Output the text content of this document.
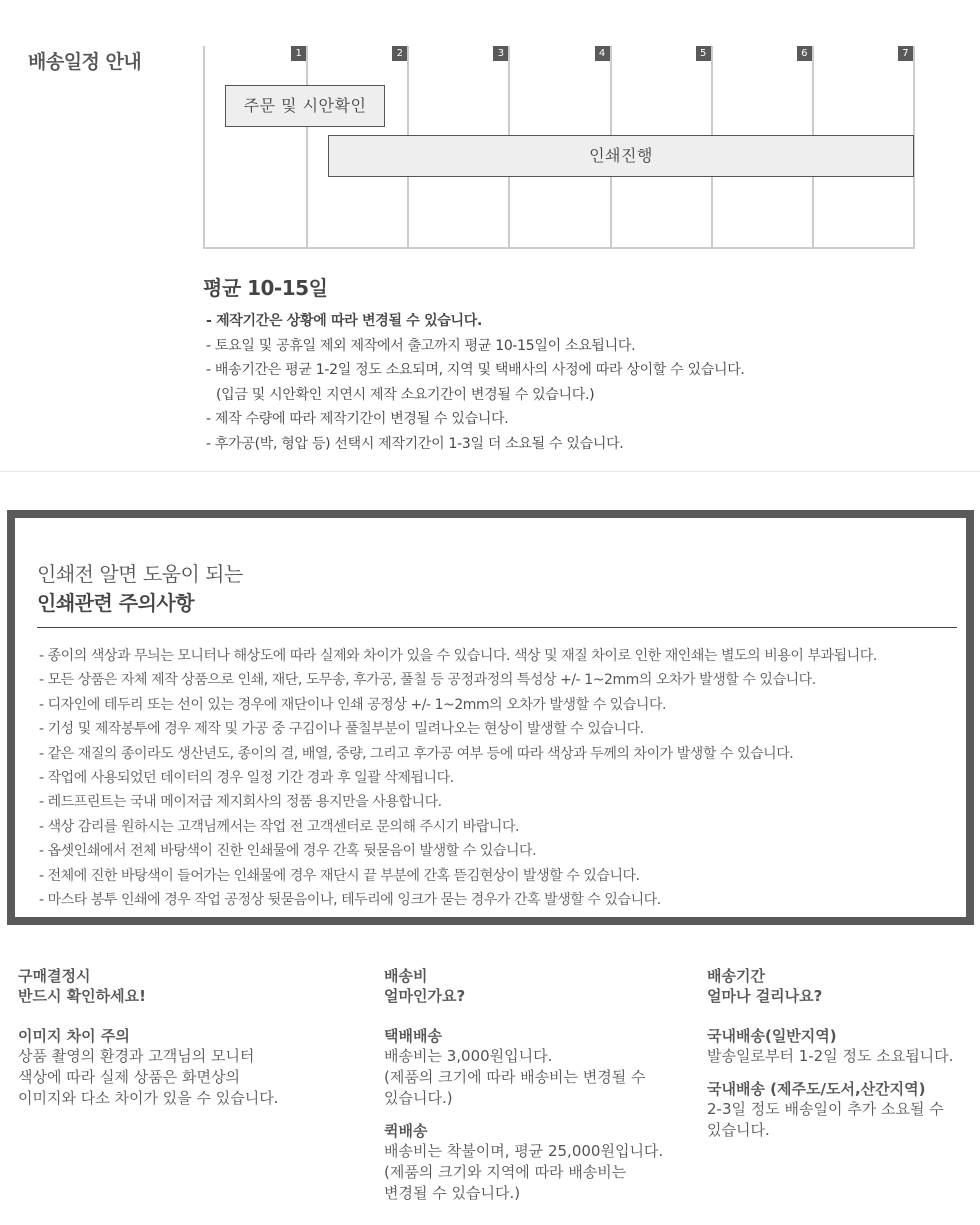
배송일정 안내	1	2	3	4	5	6	7
주문 및 시안확인
인쇄진행
평균 10-15일
- 제작기간은 상황에 따라 변경될 수 있습니다.
- 토요일 및 공휴일 제외 제작에서 출고까지 평균 10-15일이 소요됩니다.
- 배송기간은 평균 1-2일 정도 소요되며, 지역 및 택배사의 사정에 따라 상이할 수 있습니다.
(입금 및 시안확인 지연시 제작 소요기간이 변경될 수 있습니다.)
- 제작 수량에 따라 제작기간이 변경될 수 있습니다.
- 후가공(박, 형압 등) 선택시 제작기간이 1-3일 더 소요될 수 있습니다.
인쇄전 알면 도움이 되는
인쇄관련 주의사항
- 종이의 색상과 무늬는 모니터나 해상도에 따라 실제와 차이가 있을 수 있습니다. 색상 및 재질 차이로 인한 재인쇄는 별도의 비용이 부과됩니다.
- 모든 상품은 자체 제작 상품으로 인쇄, 재단, 도무송, 후가공, 풀칠 등 공정과정의 특성상 +/- 1~2mm의 오차가 발생할 수 있습니다.
- 디자인에 테두리 또는 선이 있는 경우에 재단이나 인쇄 공정상 +/- 1~2mm의 오차가 발생할 수 있습니다.
- 기성 및 제작봉투에 경우 제작 및 가공 중 구김이나 풀칠부분이 밀려나오는 현상이 발생할 수 있습니다.
- 같은 재질의 종이라도 생산년도, 종이의 결, 배열, 중량, 그리고 후가공 여부 등에 따라 색상과 두께의 차이가 발생할 수 있습니다.
- 작업에 사용되었던 데이터의 경우 일정 기간 경과 후 일괄 삭제됩니다.
- 레드프린트는 국내 메이저급 제지회사의 정품 용지만을 사용합니다.
- 색상 감리를 원하시는 고객님께서는 작업 전 고객센터로 문의해 주시기 바랍니다.
- 옵셋인쇄에서 전체 바탕색이 진한 인쇄물에 경우 간혹 뒷묻음이 발생할 수 있습니다.
- 전체에 진한 바탕색이 들어가는 인쇄물에 경우 재단시 끝 부분에 간혹 뜯김현상이 발생할 수 있습니다.
- 마스타 봉투 인쇄에 경우 작업 공정상 뒷묻음이나, 테두리에 잉크가 묻는 경우가 간혹 발생할 수 있습니다.
구매결정시
반드시 확인하세요!
이미지 차이 주의
상품 촬영의 환경과 고객님의 모니터
색상에 따라 실제 상품은 화면상의
이미지와 다소 차이가 있을 수 있습니다.
배송비
얼마인가요?
택배배송
배송비는 3,000원입니다.
(제품의 크기에 따라 배송비는 변경될 수
있습니다.)
퀵배송
배송비는 착불이며, 평균 25,000원입니다.
(제품의 크기와 지역에 따라 배송비는
변경될 수 있습니다.)
배송기간
얼마나 걸리나요?
국내배송(일반지역)
발송일로부터 1-2일 정도 소요됩니다.
국내배송 (제주도/도서,산간지역)
2-3일 정도 배송일이 추가 소요될 수
있습니다.
